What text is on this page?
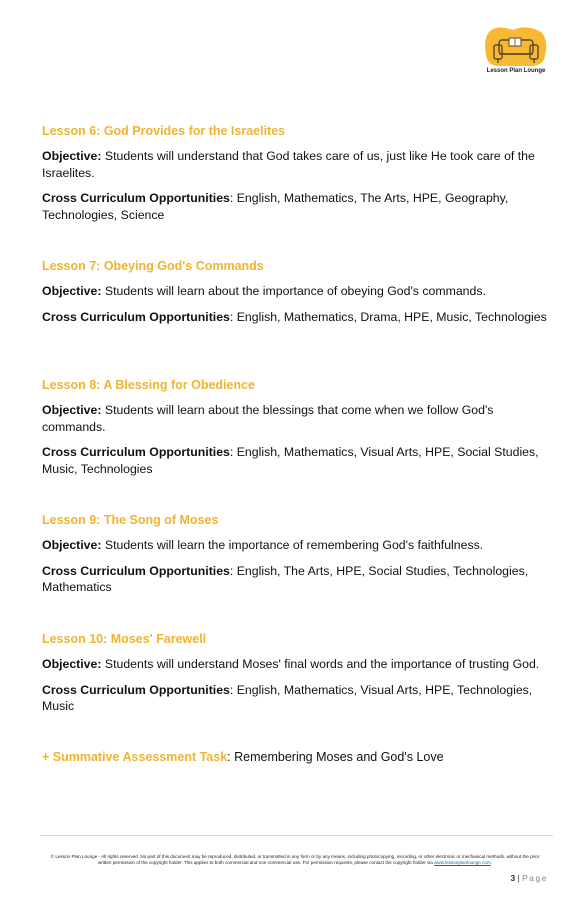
Lesson Plan Lounge
Lesson 6: God Provides for the Israelites
Objective: Students will understand that God takes care of us, just like He took care of the Israelites.
Cross Curriculum Opportunities: English, Mathematics, The Arts, HPE, Geography, Technologies, Science
Lesson 7: Obeying God's Commands
Objective: Students will learn about the importance of obeying God's commands.
Cross Curriculum Opportunities: English, Mathematics, Drama, HPE, Music, Technologies
Lesson 8: A Blessing for Obedience
Objective: Students will learn about the blessings that come when we follow God's commands.
Cross Curriculum Opportunities: English, Mathematics, Visual Arts, HPE, Social Studies, Music, Technologies
Lesson 9: The Song of Moses
Objective: Students will learn the importance of remembering God's faithfulness.
Cross Curriculum Opportunities: English, The Arts, HPE, Social Studies, Technologies, Mathematics
Lesson 10: Moses' Farewell
Objective: Students will understand Moses' final words and the importance of trusting God.
Cross Curriculum Opportunities: English, Mathematics, Visual Arts, HPE, Technologies, Music
+ Summative Assessment Task: Remembering Moses and God's Love
© Lesson Plan Lounge - All rights reserved. No part of this document may be reproduced, distributed, or transmitted in any form or by any means, including photocopying, recording, or other electronic or mechanical methods, without the prior written permission of the copyright holder. This applies to both commercial and non-commercial use. For permission requests, please contact the copyright holder via www.lessonplanlounge.com.
3 | Page
